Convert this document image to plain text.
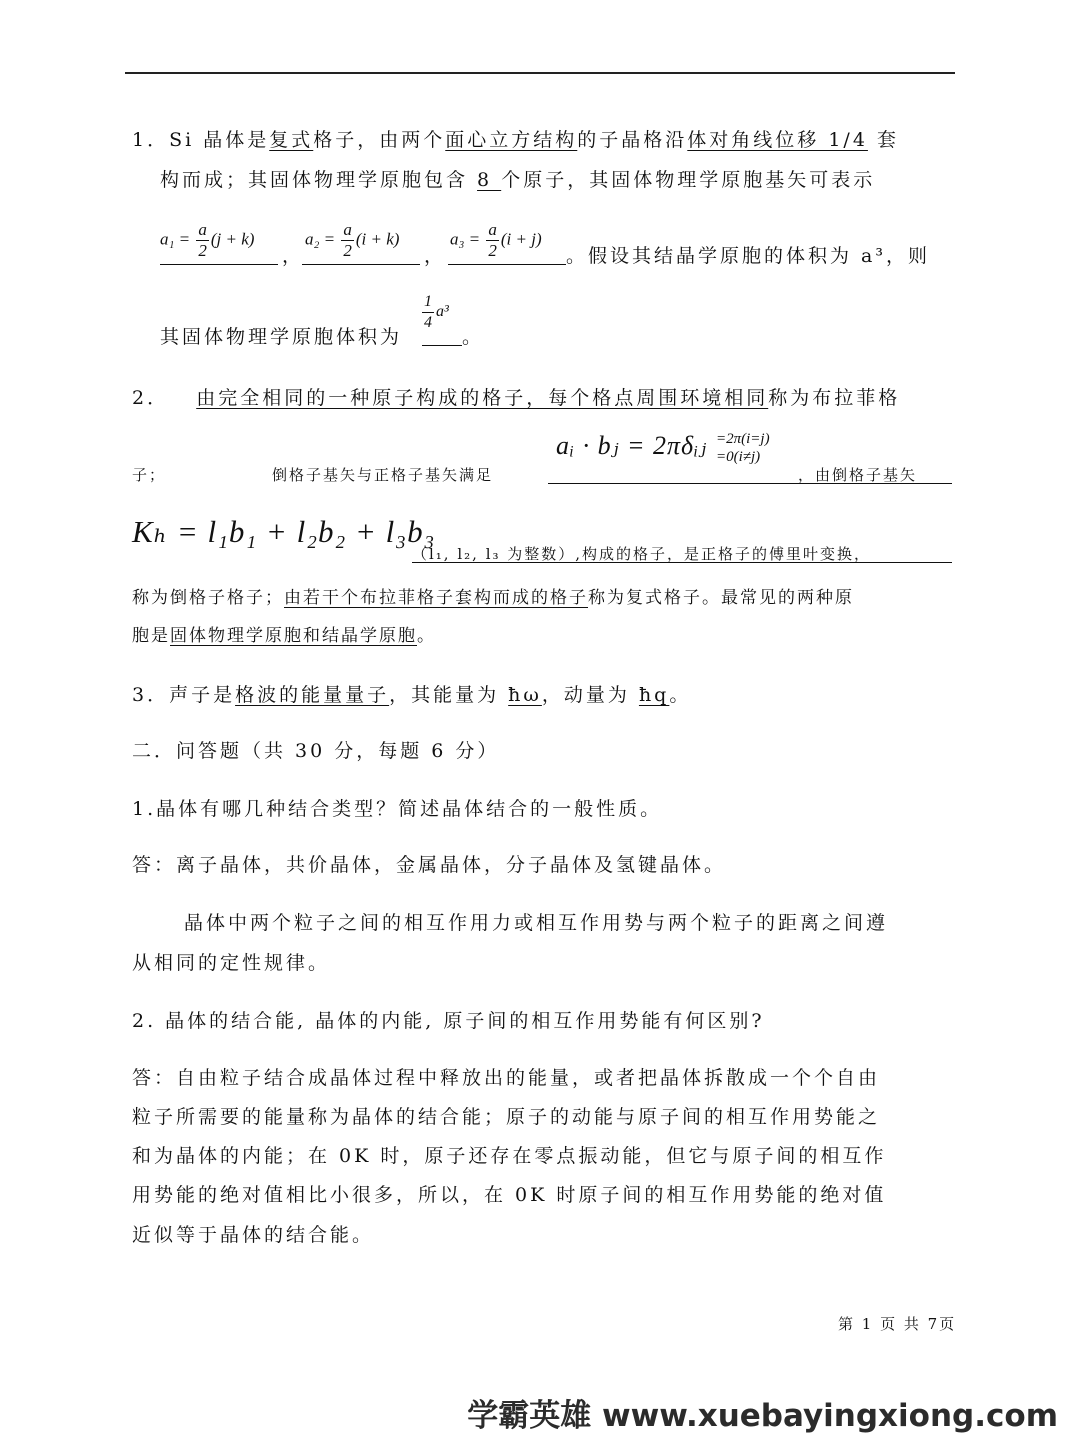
1．Si 晶体是复式格子，由两个面心立方结构的子晶格沿体对角线位移 1/4 套
构而成；其固体物理学原胞包含 8 个原子，其固体物理学原胞基矢可表示
$a_1 = \frac{a}{2} (j + k)$
，
$a_2 = \frac{a}{2} (i + k)$
，
$a_3 = \frac{a}{2} (i + j)$
。假设其结晶学原胞的体积为 a³，则
其固体物理学原胞体积为
$\frac{1}{4} a^3$
。
2． 由完全相同的一种原子构成的格子，每个格点周围环境相同称为布拉菲格
子；	倒格子基矢与正格子基矢满足
aᵢ · bⱼ = 2πδᵢⱼ =2π(i=j)
=0(i≠j)
，由倒格子基矢
Kₕ = l₁b₁ + l₂b₂ + l₃b₃
（l₁, l₂, l₃ 为整数）,构成的格子，是正格子的傅里叶变换，
称为倒格子格子；由若干个布拉菲格子套构而成的格子称为复式格子。最常见的两种原
胞是固体物理学原胞和结晶学原胞。
3．声子是格波的能量量子，其能量为 ħω，动量为 ħq。
二．问答题（共 30 分，每题 6 分）
1.晶体有哪几种结合类型？简述晶体结合的一般性质。
答：离子晶体，共价晶体，金属晶体，分子晶体及氢键晶体。
晶体中两个粒子之间的相互作用力或相互作用势与两个粒子的距离之间遵
从相同的定性规律。
2. 晶体的结合能, 晶体的内能, 原子间的相互作用势能有何区别?
答：自由粒子结合成晶体过程中释放出的能量，或者把晶体拆散成一个个自由
粒子所需要的能量称为晶体的结合能；原子的动能与原子间的相互作用势能之
和为晶体的内能；在 0K 时，原子还存在零点振动能，但它与原子间的相互作
用势能的绝对值相比小很多，所以，在 0K 时原子间的相互作用势能的绝对值
近似等于晶体的结合能。
第 1 页 共 7页
学霸英雄 www.xuebayingxiong.com
